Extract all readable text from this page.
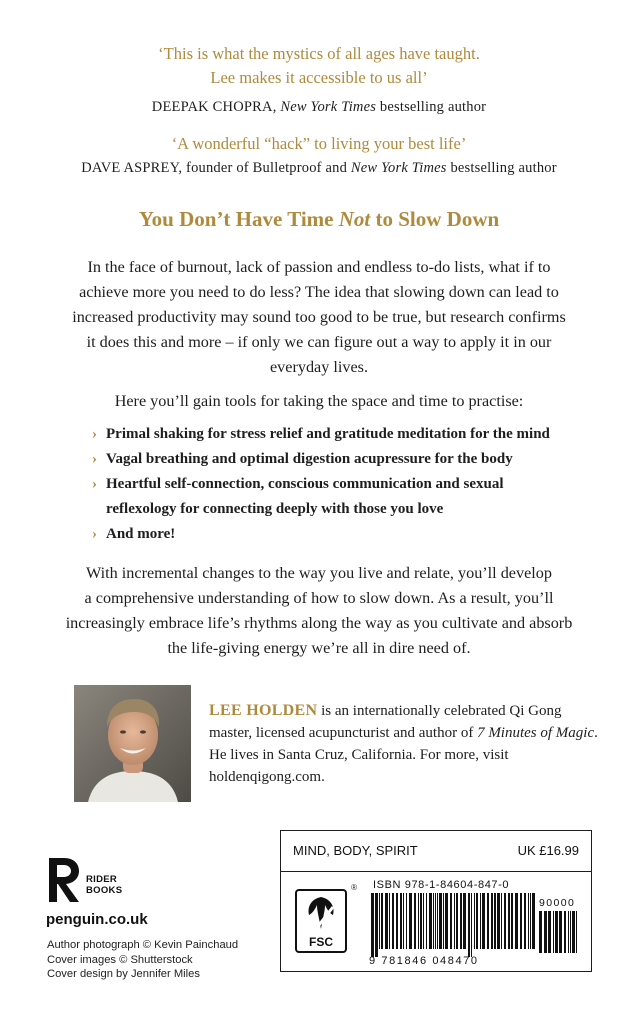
‘This is what the mystics of all ages have taught.
Lee makes it accessible to us all’
DEEPAK CHOPRA, New York Times bestselling author
‘A wonderful “hack” to living your best life’
DAVE ASPREY, founder of Bulletproof and New York Times bestselling author
You Don’t Have Time Not to Slow Down
In the face of burnout, lack of passion and endless to-do lists, what if to
achieve more you need to do less? The idea that slowing down can lead to
increased productivity may sound too good to be true, but research confirms
it does this and more – if only we can figure out a way to apply it in our
everyday lives.
Here you’ll gain tools for taking the space and time to practise:
› Primal shaking for stress relief and gratitude meditation for the mind
› Vagal breathing and optimal digestion acupressure for the body
› Heartful self-connection, conscious communication and sexual
reflexology for connecting deeply with those you love
› And more!
With incremental changes to the way you live and relate, you’ll develop
a comprehensive understanding of how to slow down. As a result, you’ll
increasingly embrace life’s rhythms along the way as you cultivate and absorb
the life-giving energy we’re all in dire need of.
LEE HOLDEN is an internationally celebrated Qi Gong
master, licensed acupuncturist and author of 7 Minutes of Magic.
He lives in Santa Cruz, California. For more, visit
holdenqigong.com.
RIDER
BOOKS
penguin.co.uk
Author photograph © Kevin Painchaud
Cover images © Shutterstock
Cover design by Jennifer Miles
MIND, BODY, SPIRIT	UK £16.99
FSC
® ISBN 978-1-84604-847-0
9 781846 048470
90000
